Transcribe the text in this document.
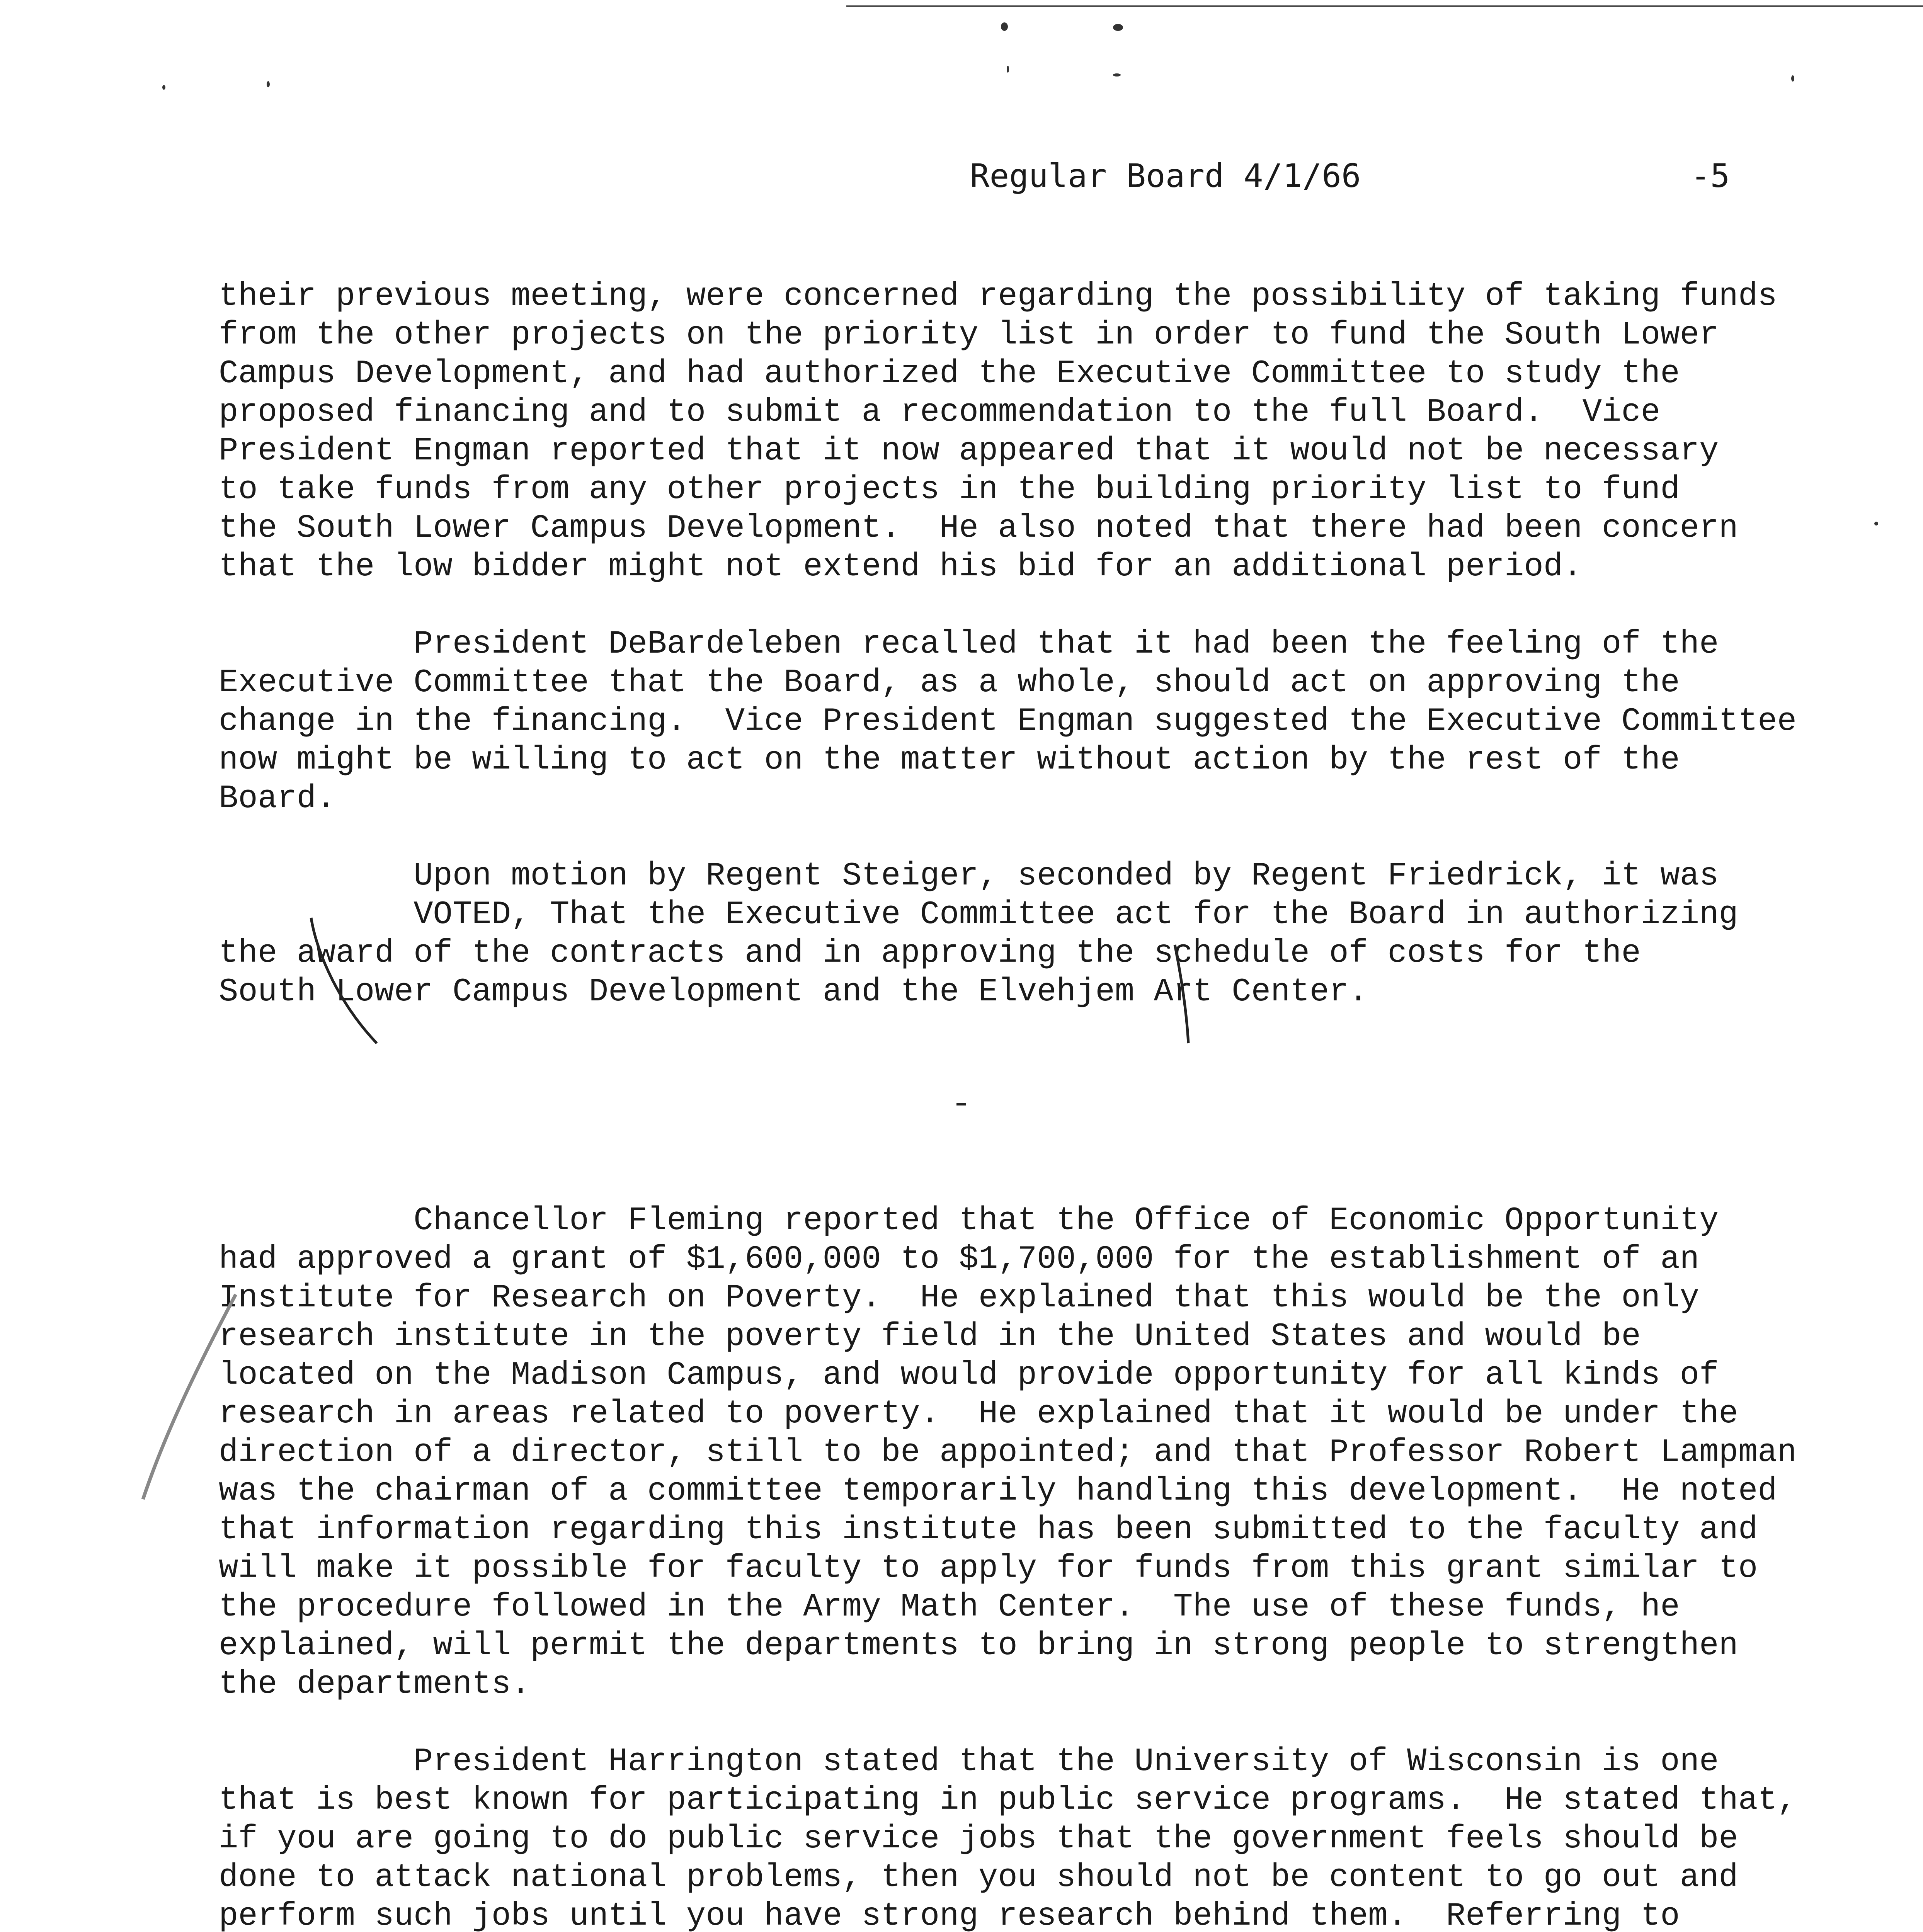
Regular Board 4/1/66	-5
their previous meeting, were concerned regarding the possibility of taking funds
from the other projects on the priority list in order to fund the South Lower
Campus Development, and had authorized the Executive Committee to study the
proposed financing and to submit a recommendation to the full Board.  Vice
President Engman reported that it now appeared that it would not be necessary
to take funds from any other projects in the building priority list to fund
the South Lower Campus Development.  He also noted that there had been concern
that the low bidder might not extend his bid for an additional period.
President DeBardeleben recalled that it had been the feeling of the
Executive Committee that the Board, as a whole, should act on approving the
change in the financing.  Vice President Engman suggested the Executive Committee
now might be willing to act on the matter without action by the rest of the
Board.
Upon motion by Regent Steiger, seconded by Regent Friedrick, it was
VOTED, That the Executive Committee act for the Board in authorizing
the award of the contracts and in approving the schedule of costs for the
South Lower Campus Development and the Elvehjem Art Center.
Chancellor Fleming reported that the Office of Economic Opportunity
had approved a grant of $1,600,000 to $1,700,000 for the establishment of an
Institute for Research on Poverty.  He explained that this would be the only
research institute in the poverty field in the United States and would be
located on the Madison Campus, and would provide opportunity for all kinds of
research in areas related to poverty.  He explained that it would be under the
direction of a director, still to be appointed; and that Professor Robert Lampman
was the chairman of a committee temporarily handling this development.  He noted
that information regarding this institute has been submitted to the faculty and
will make it possible for faculty to apply for funds from this grant similar to
the procedure followed in the Army Math Center.  The use of these funds, he
explained, will permit the departments to bring in strong people to strengthen
the departments.
President Harrington stated that the University of Wisconsin is one
that is best known for participating in public service programs.  He stated that,
if you are going to do public service jobs that the government feels should be
done to attack national problems, then you should not be content to go out and
perform such jobs until you have strong research behind them.  Referring to
